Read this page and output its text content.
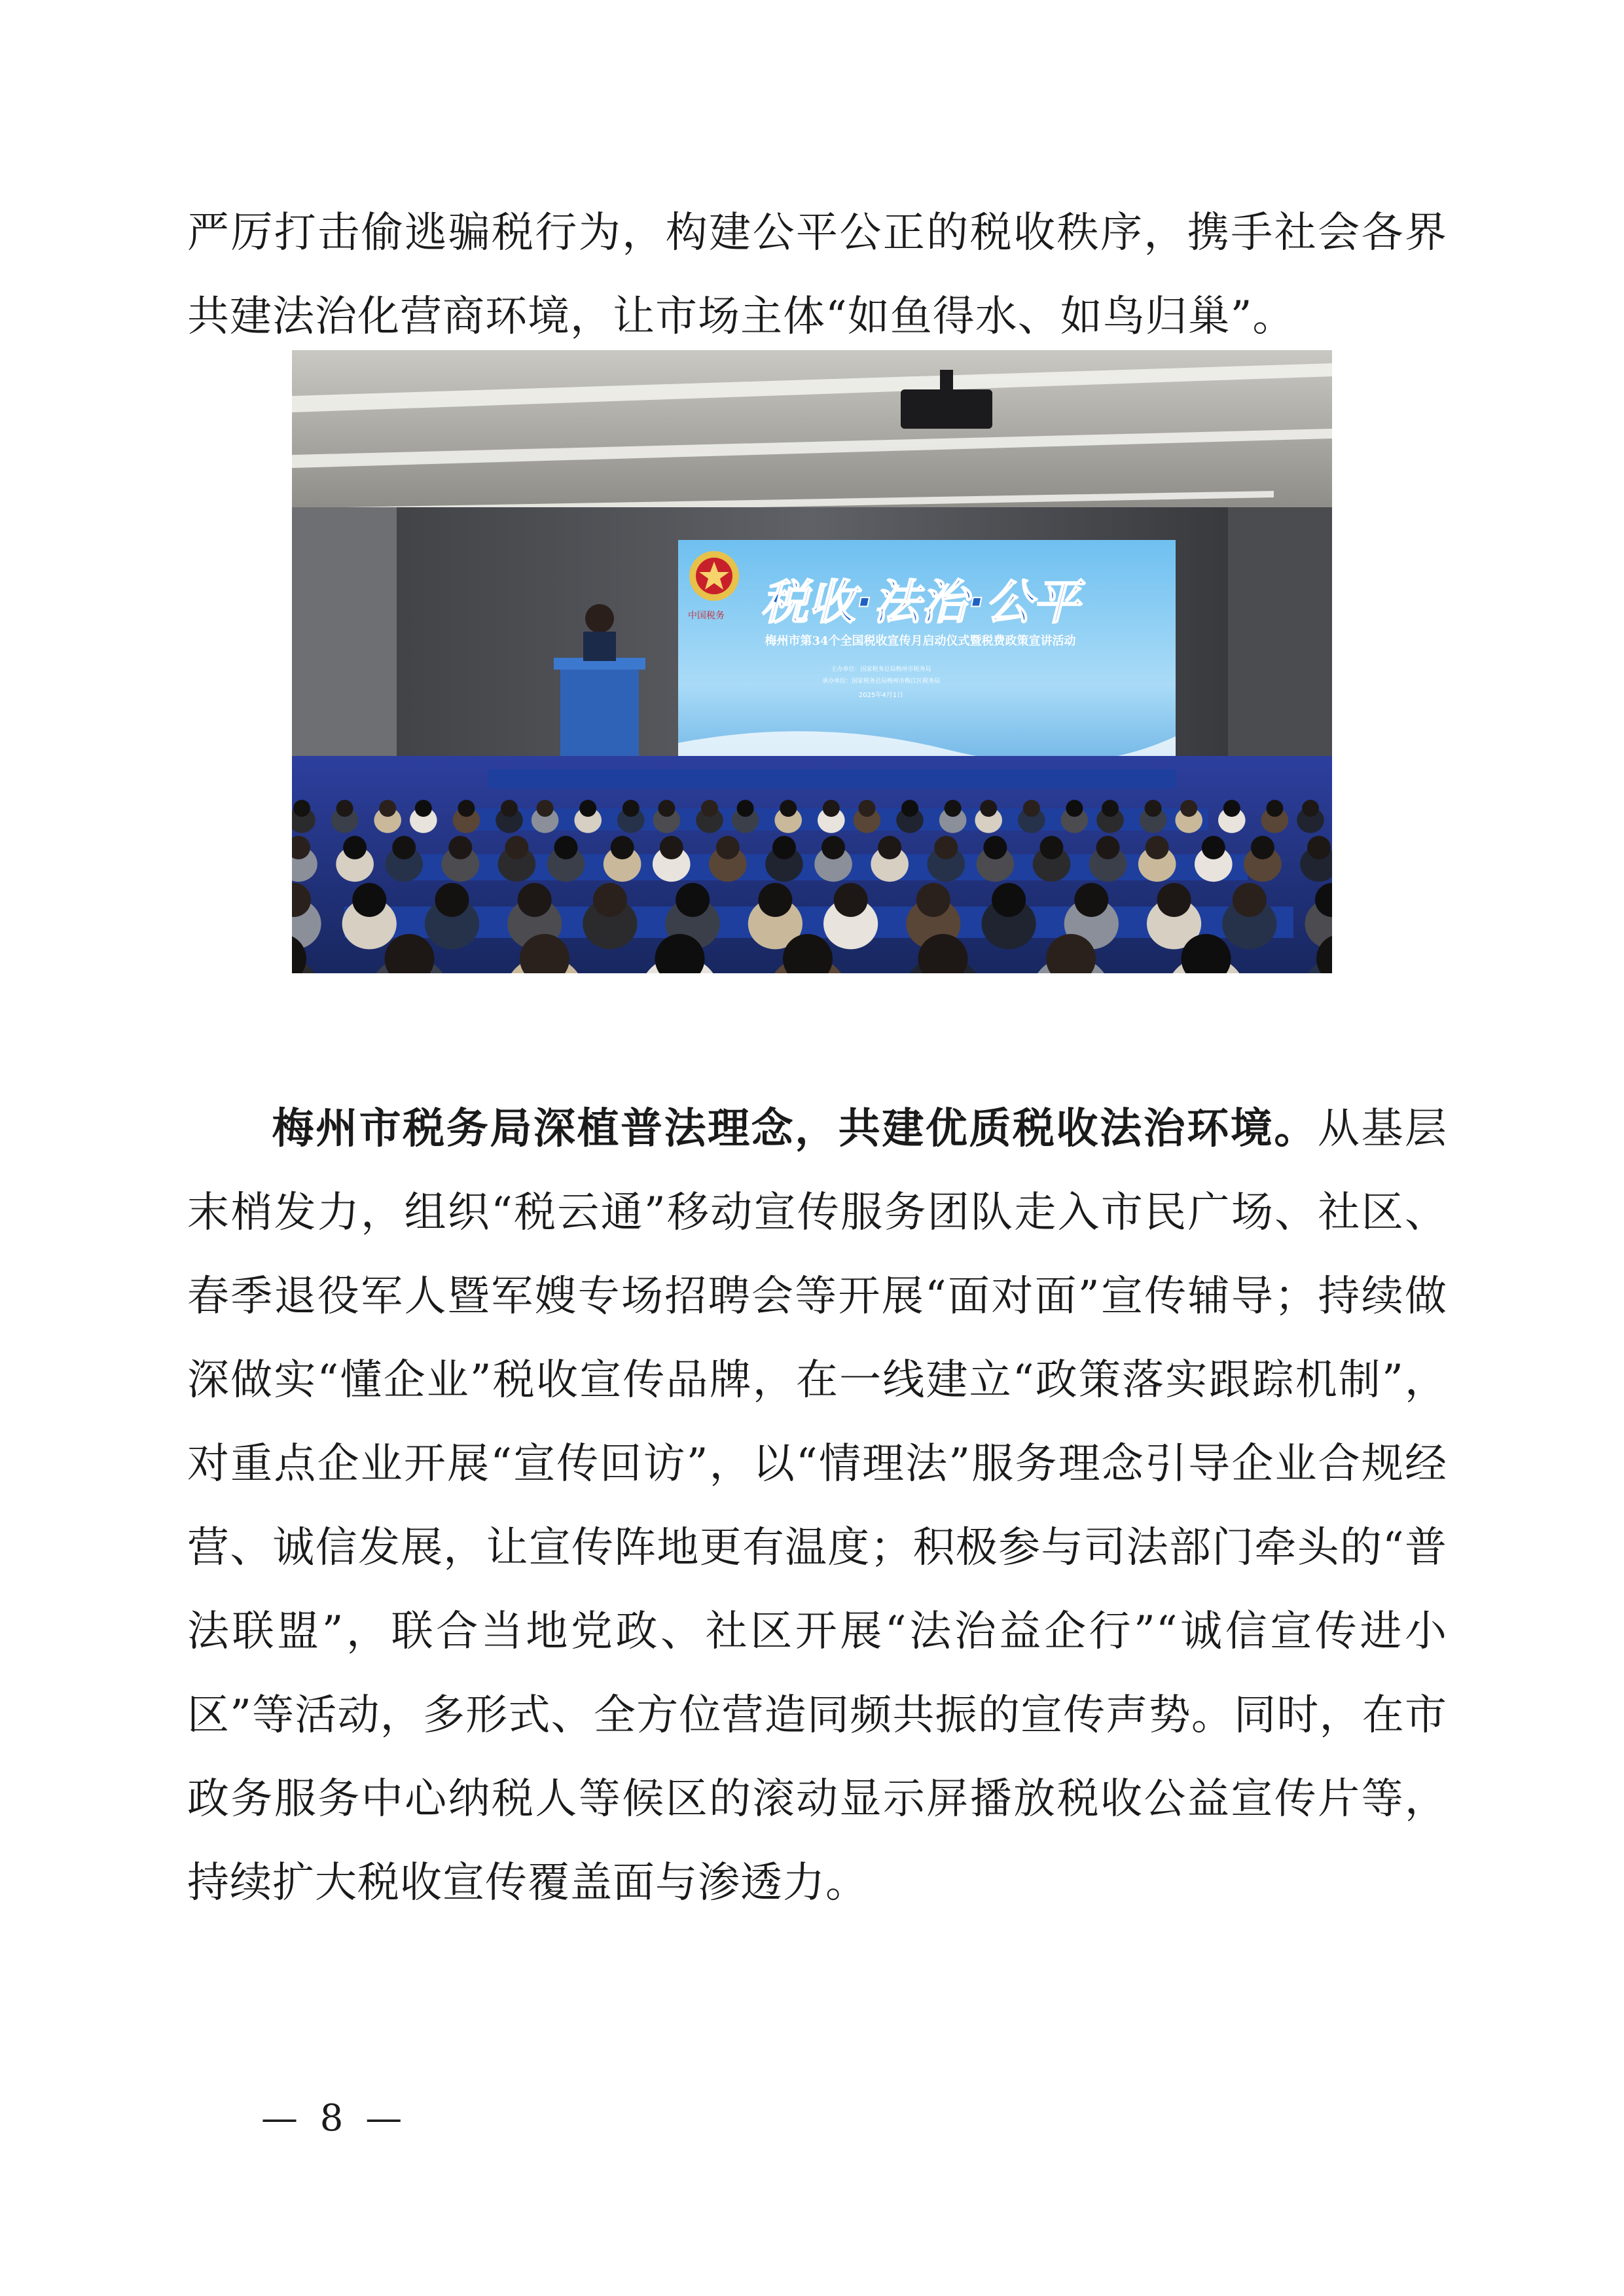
严厉打击偷逃骗税行为，构建公平公正的税收秩序，携手社会各界共建法治化营商环境，让市场主体“如鱼得水、如鸟归巢”。
中国税务 税收·法治·公平
梅州市第34个全国税收宣传月启动仪式暨税费政策宣讲活动
主办单位：国家税务总局梅州市税务局
承办单位：国家税务总局梅州市梅江区税务局
2025年4月1日
梅州市税务局深植普法理念，共建优质税收法治环境。从基层末梢发力，组织“税云通”移动宣传服务团队走入市民广场、社区、春季退役军人暨军嫂专场招聘会等开展“面对面”宣传辅导；持续做深做实“懂企业”税收宣传品牌，在一线建立“政策落实跟踪机制”，对重点企业开展“宣传回访”，以“情理法”服务理念引导企业合规经营、诚信发展，让宣传阵地更有温度；积极参与司法部门牵头的“普法联盟”，联合当地党政、社区开展“法治益企行”“诚信宣传进小区”等活动，多形式、全方位营造同频共振的宣传声势。同时，在市政务服务中心纳税人等候区的滚动显示屏播放税收公益宣传片等，持续扩大税收宣传覆盖面与渗透力。
— 8 —
